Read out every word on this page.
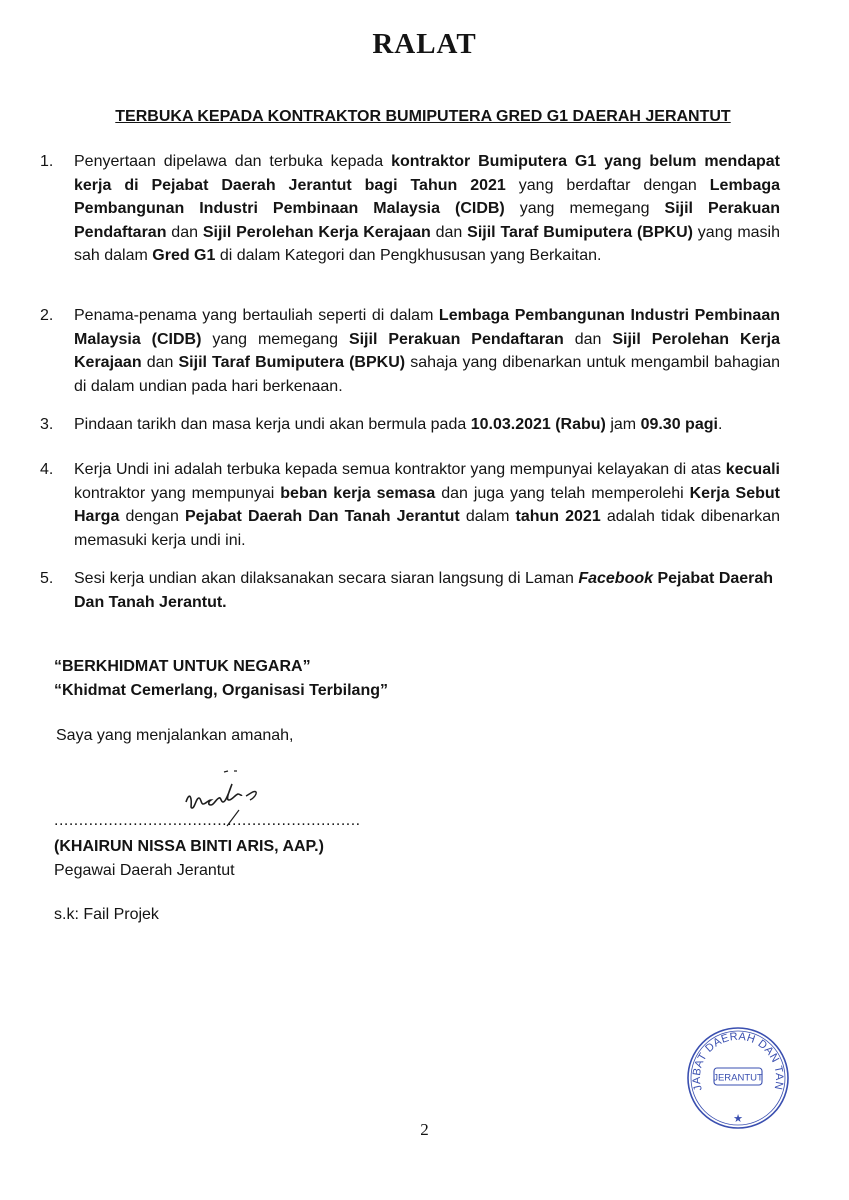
RALAT

TERBUKA KEPADA KONTRAKTOR BUMIPUTERA GRED G1 DAERAH JERANTUT

1.	Penyertaan dipelawa dan terbuka kepada kontraktor Bumiputera G1 yang belum mendapat kerja di Pejabat Daerah Jerantut bagi Tahun 2021 yang berdaftar dengan Lembaga Pembangunan Industri Pembinaan Malaysia (CIDB) yang memegang Sijil Perakuan Pendaftaran dan Sijil Perolehan Kerja Kerajaan dan Sijil Taraf Bumiputera (BPKU) yang masih sah dalam Gred G1 di dalam Kategori dan Pengkhususan yang Berkaitan.
2.	Penama-penama yang bertauliah seperti di dalam Lembaga Pembangunan Industri Pembinaan Malaysia (CIDB) yang memegang Sijil Perakuan Pendaftaran dan Sijil Perolehan Kerja Kerajaan dan Sijil Taraf Bumiputera (BPKU) sahaja yang dibenarkan untuk mengambil bahagian di dalam undian pada hari berkenaan.
3.	Pindaan tarikh dan masa kerja undi akan bermula pada 10.03.2021 (Rabu) jam 09.30 pagi.
4.	Kerja Undi ini adalah terbuka kepada semua kontraktor yang mempunyai kelayakan di atas kecuali kontraktor yang mempunyai beban kerja semasa dan juga yang telah memperolehi Kerja Sebut Harga dengan Pejabat Daerah Dan Tanah Jerantut dalam tahun 2021 adalah tidak dibenarkan memasuki kerja undi ini.
5.	Sesi kerja undian akan dilaksanakan secara siaran langsung di Laman Facebook Pejabat Daerah Dan Tanah Jerantut.
“BERKHIDMAT UNTUK NEGARA”
“Khidmat Cemerlang, Organisasi Terbilang”
Saya yang menjalankan amanah,
..............................................................
(KHAIRUN NISSA BINTI ARIS, AAP.)
Pegawai Daerah Jerantut
s.k: Fail Projek
PEJABAT DAERAH DAN TANAH
JERANTUT
★
2
